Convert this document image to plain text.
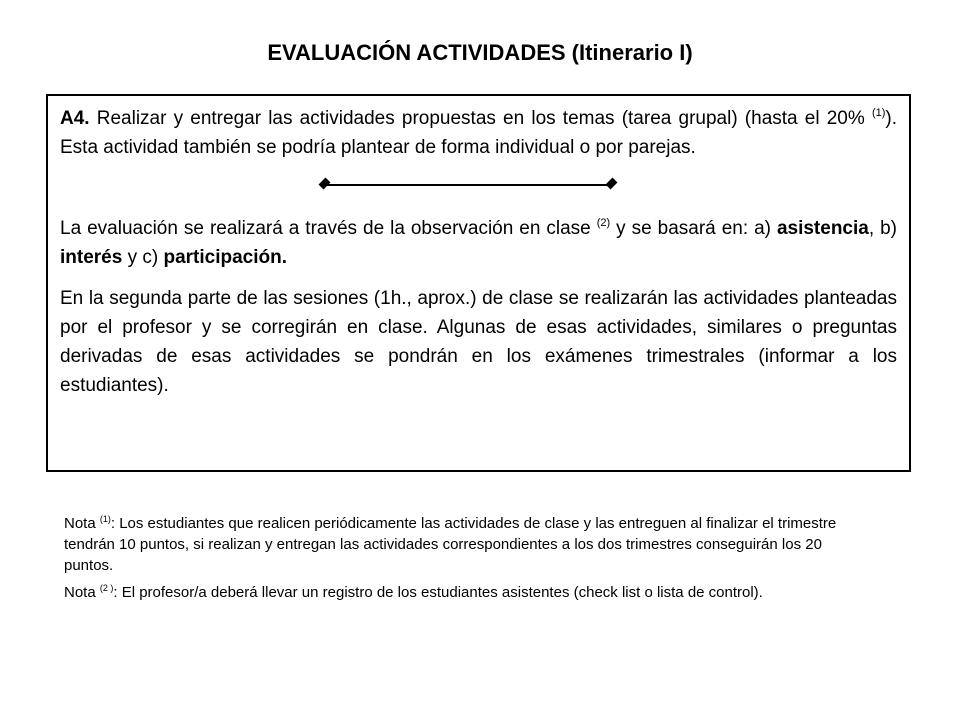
EVALUACIÓN ACTIVIDADES (Itinerario I)

A4. Realizar y entregar las actividades propuestas en los temas (tarea grupal) (hasta el 20% $^{(1)}$). Esta actividad también se podría plantear de forma individual o por parejas.

La evaluación se realizará a través de la observación en clase $^{(2)}$ y se basará en: a) asistencia, b) interés y c) participación.

En la segunda parte de las sesiones (1h., aprox.) de clase se realizarán las actividades planteadas por el profesor y se corregirán en clase. Algunas de esas actividades, similares o preguntas derivadas de esas actividades se pondrán en los exámenes trimestrales (informar a los estudiantes).

Nota $^{(1)}$: Los estudiantes que realicen periódicamente las actividades de clase y las entreguen al finalizar el trimestre tendrán 10 puntos, si realizan y entregan las actividades correspondientes a los dos trimestres conseguirán los 20 puntos.

Nota $^{(2 )}$: El profesor/a deberá llevar un registro de los estudiantes asistentes (check list o lista de control).
